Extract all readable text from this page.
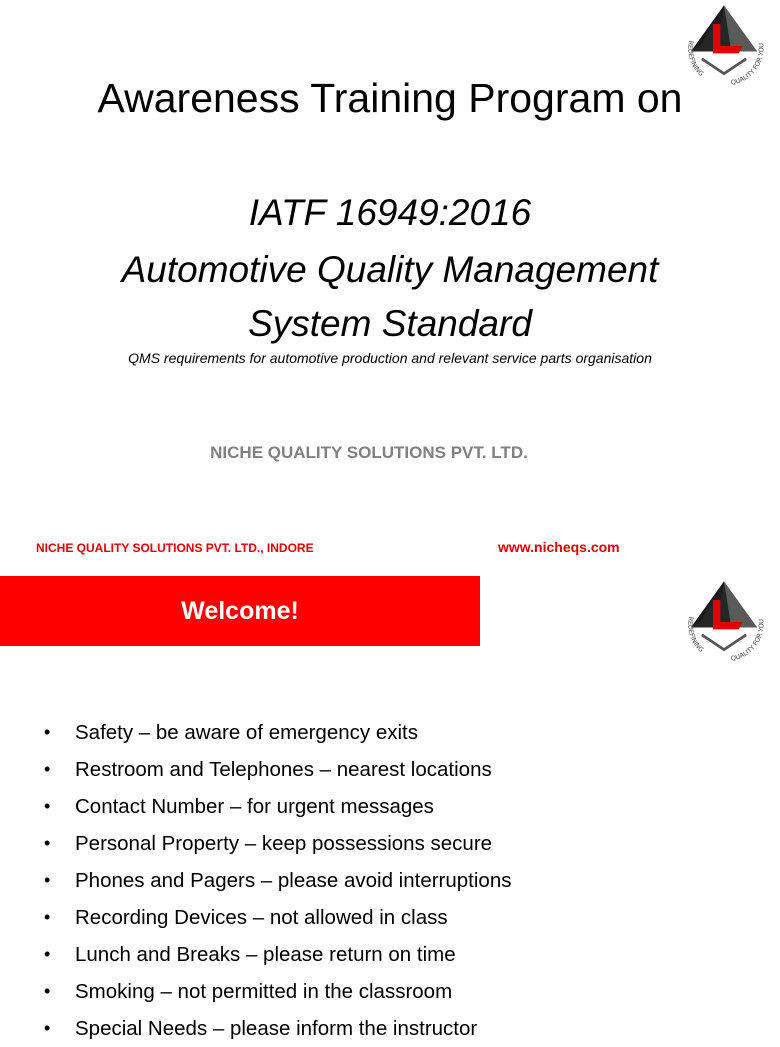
REDEFINING
QUALITY FOR YOU
Awareness Training Program on
IATF 16949:2016
Automotive Quality Management
System Standard
QMS requirements for automotive production and relevant service parts organisation
NICHE QUALITY SOLUTIONS PVT. LTD.
NICHE QUALITY SOLUTIONS PVT. LTD., INDORE	www.nicheqs.com
Welcome!	REDEFINING
QUALITY FOR YOU
• Safety – be aware of emergency exits
• Restroom and Telephones – nearest locations
• Contact Number – for urgent messages
• Personal Property – keep possessions secure
• Phones and Pagers – please avoid interruptions
• Recording Devices – not allowed in class
• Lunch and Breaks – please return on time
• Smoking – not permitted in the classroom
• Special Needs – please inform the instructor
